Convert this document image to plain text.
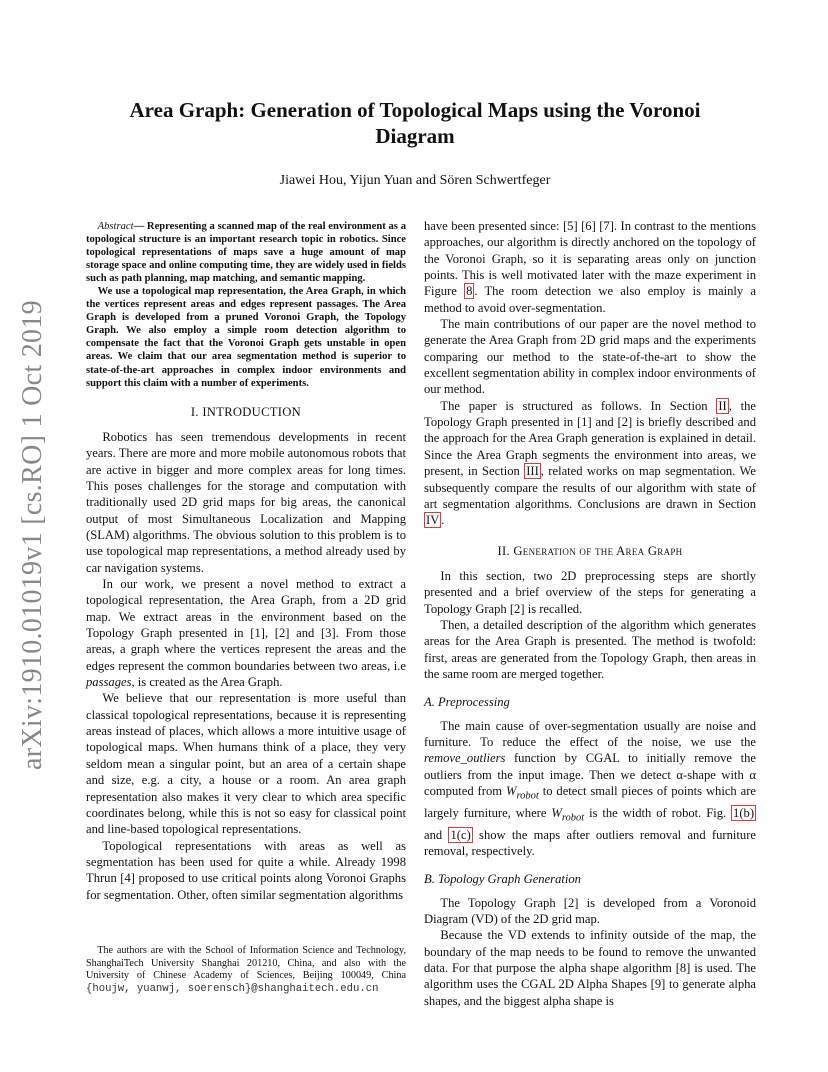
arXiv:1910.01019v1 [cs.RO] 1 Oct 2019
Area Graph: Generation of Topological Maps using the Voronoi Diagram
Jiawei Hou, Yijun Yuan and Sören Schwertfeger

Abstract— Representing a scanned map of the real environment as a topological structure is an important research topic in robotics. Since topological representations of maps save a huge amount of map storage space and online computing time, they are widely used in fields such as path planning, map matching, and semantic mapping.

We use a topological map representation, the Area Graph, in which the vertices represent areas and edges represent passages. The Area Graph is developed from a pruned Voronoi Graph, the Topology Graph. We also employ a simple room detection algorithm to compensate the fact that the Voronoi Graph gets unstable in open areas. We claim that our area segmentation method is superior to state-of-the-art approaches in complex indoor environments and support this claim with a number of experiments.

I. INTRODUCTION

Robotics has seen tremendous developments in recent years. There are more and more mobile autonomous robots that are active in bigger and more complex areas for long times. This poses challenges for the storage and computation with traditionally used 2D grid maps for big areas, the canonical output of most Simultaneous Localization and Mapping (SLAM) algorithms. The obvious solution to this problem is to use topological map representations, a method already used by car navigation systems.

In our work, we present a novel method to extract a topological representation, the Area Graph, from a 2D grid map. We extract areas in the environment based on the Topology Graph presented in [1], [2] and [3]. From those areas, a graph where the vertices represent the areas and the edges represent the common boundaries between two areas, i.e passages, is created as the Area Graph.

We believe that our representation is more useful than classical topological representations, because it is representing areas instead of places, which allows a more intuitive usage of topological maps. When humans think of a place, they very seldom mean a singular point, but an area of a certain shape and size, e.g. a city, a house or a room. An area graph representation also makes it very clear to which area specific coordinates belong, while this is not so easy for classical point and line-based topological representations.

Topological representations with areas as well as segmentation has been used for quite a while. Already 1998 Thrun [4] proposed to use critical points along Voronoi Graphs for segmentation. Other, often similar segmentation algorithms

The authors are with the School of Information Science and Technology, ShanghaiTech University Shanghai 201210, China, and also with the University of Chinese Academy of Sciences, Beijing 100049, China {houjw, yuanwj, soerensch}@shanghaitech.edu.cn

have been presented since: [5] [6] [7]. In contrast to the mentions approaches, our algorithm is directly anchored on the topology of the Voronoi Graph, so it is separating areas only on junction points. This is well motivated later with the maze experiment in Figure 8 . The room detection we also employ is mainly a method to avoid over-segmentation.

The main contributions of our paper are the novel method to generate the Area Graph from 2D grid maps and the experiments comparing our method to the state-of-the-art to show the excellent segmentation ability in complex indoor environments of our method.

The paper is structured as follows. In Section II , the Topology Graph presented in [1] and [2] is briefly described and the approach for the Area Graph generation is explained in detail. Since the Area Graph segments the environment into areas, we present, in Section III , related works on map segmentation. We subsequently compare the results of our algorithm with state of art segmentation algorithms. Conclusions are drawn in Section IV .

II. Generation of the Area Graph

In this section, two 2D preprocessing steps are shortly presented and a brief overview of the steps for generating a Topology Graph [2] is recalled.

Then, a detailed description of the algorithm which generates areas for the Area Graph is presented. The method is twofold: first, areas are generated from the Topology Graph, then areas in the same room are merged together.

A. Preprocessing

The main cause of over-segmentation usually are noise and furniture. To reduce the effect of the noise, we use the remove_outliers function by CGAL to initially remove the outliers from the input image. Then we detect α-shape with α computed from $W_{robot}$ to detect small pieces of points which are largely furniture, where $W_{robot}$ is the width of robot. Fig. 1(b) and 1(c) show the maps after outliers removal and furniture removal, respectively.

B. Topology Graph Generation

The Topology Graph [2] is developed from a Voronoid Diagram (VD) of the 2D grid map.

Because the VD extends to infinity outside of the map, the boundary of the map needs to be found to remove the unwanted data. For that purpose the alpha shape algorithm [8] is used. The algorithm uses the CGAL 2D Alpha Shapes [9] to generate alpha shapes, and the biggest alpha shape is
